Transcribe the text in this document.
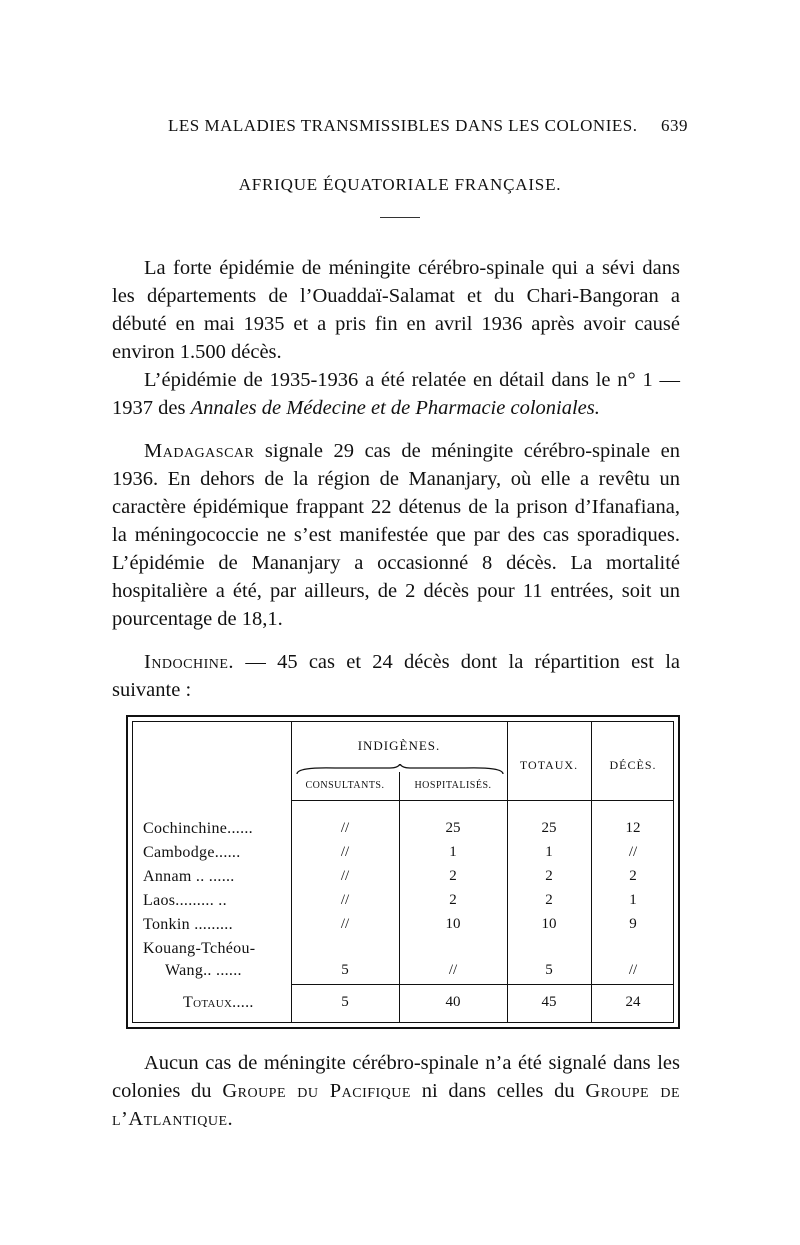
LES MALADIES TRANSMISSIBLES DANS LES COLONIES. 639
AFRIQUE ÉQUATORIALE FRANÇAISE.

La forte épidémie de méningite cérébro-spinale qui a sévi dans les départements de l’Ouaddaï-Salamat et du Chari-Bangoran a débuté en mai 1935 et a pris fin en avril 1936 après avoir causé environ 1.500 décès.

L’épidémie de 1935-1936 a été relatée en détail dans le n° 1 — 1937 des Annales de Médecine et de Pharmacie coloniales.

Madagascar signale 29 cas de méningite cérébro-spinale en 1936. En dehors de la région de Mananjary, où elle a revêtu un caractère épidémique frappant 22 détenus de la prison d’Ifanafiana, la méningococcie ne s’est manifestée que par des cas sporadiques. L’épidémie de Mananjary a occasionné 8 décès. La mortalité hospitalière a été, par ailleurs, de 2 décès pour 11 entrées, soit un pourcentage de 18,1.

Indochine. — 45 cas et 24 décès dont la répartition est la suivante :

INDIGÈNES.
CONSULTANTS.	HOSPITALISÉS.
TOTAUX.	DÉCÈS.
Cochinchine......	//	25	25	12
Cambodge......	//	1	1	//
Annam .. ......	//	2	2	2
Laos......... ..	//	2	2	1
Tonkin .........	//	10	10	9
Kouang-Tchéou-
Wang.. ......	5	//	5	//
Totaux.....	5	40	45	24

Aucun cas de méningite cérébro-spinale n’a été signalé dans les colonies du Groupe du Pacifique ni dans celles du Groupe de l’Atlantique.
